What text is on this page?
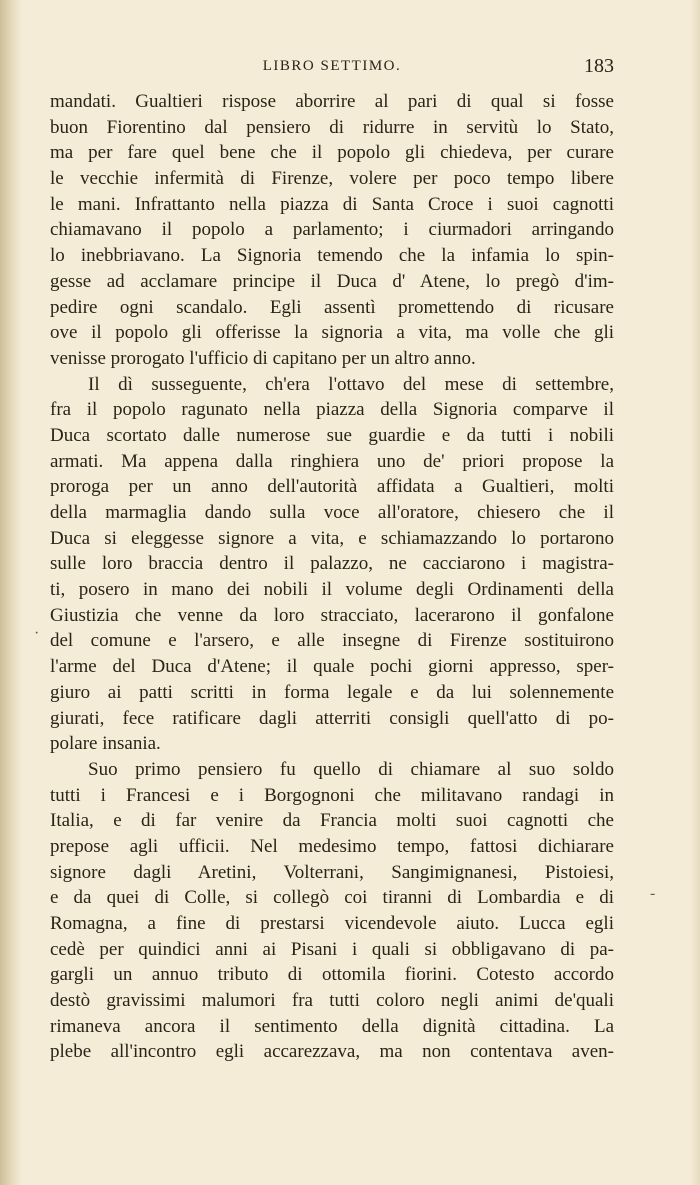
LIBRO SETTIMO.	183
mandati. Gualtieri rispose aborrire al pari di qual si fosse
buon Fiorentino dal pensiero di ridurre in servitù lo Stato,
ma per fare quel bene che il popolo gli chiedeva, per curare
le vecchie infermità di Firenze, volere per poco tempo libere
le mani. Infrattanto nella piazza di Santa Croce i suoi cagnotti
chiamavano il popolo a parlamento; i ciurmadori arringando
lo inebbriavano. La Signoria temendo che la infamia lo spin-
gesse ad acclamare principe il Duca d' Atene, lo pregò d'im-
pedire ogni scandalo. Egli assentì promettendo di ricusare
ove il popolo gli offerisse la signoria a vita, ma volle che gli
venisse prorogato l'ufficio di capitano per un altro anno.
Il dì susseguente, ch'era l'ottavo del mese di settembre,
fra il popolo ragunato nella piazza della Signoria comparve il
Duca scortato dalle numerose sue guardie e da tutti i nobili
armati. Ma appena dalla ringhiera uno de' priori propose la
proroga per un anno dell'autorità affidata a Gualtieri, molti
della marmaglia dando sulla voce all'oratore, chiesero che il
Duca si eleggesse signore a vita, e schiamazzando lo portarono
sulle loro braccia dentro il palazzo, ne cacciarono i magistra-
ti, posero in mano dei nobili il volume degli Ordinamenti della
Giustizia che venne da loro stracciato, lacerarono il gonfalone
del comune e l'arsero, e alle insegne di Firenze sostituirono
l'arme del Duca d'Atene; il quale pochi giorni appresso, sper-
giuro ai patti scritti in forma legale e da lui solennemente
giurati, fece ratificare dagli atterriti consigli quell'atto di po-
polare insania.
Suo primo pensiero fu quello di chiamare al suo soldo
tutti i Francesi e i Borgognoni che militavano randagi in
Italia, e di far venire da Francia molti suoi cagnotti che
prepose agli ufficii. Nel medesimo tempo, fattosi dichiarare
signore dagli Aretini, Volterrani, Sangimignanesi, Pistoiesi,
e da quei di Colle, si collegò coi tiranni di Lombardia e di
Romagna, a fine di prestarsi vicendevole aiuto. Lucca egli
cedè per quindici anni ai Pisani i quali si obbligavano di pa-
gargli un annuo tributo di ottomila fiorini. Cotesto accordo
destò gravissimi malumori fra tutti coloro negli animi de'quali
rimaneva ancora il sentimento della dignità cittadina. La
plebe all'incontro egli accarezzava, ma non contentava aven-
·
-
